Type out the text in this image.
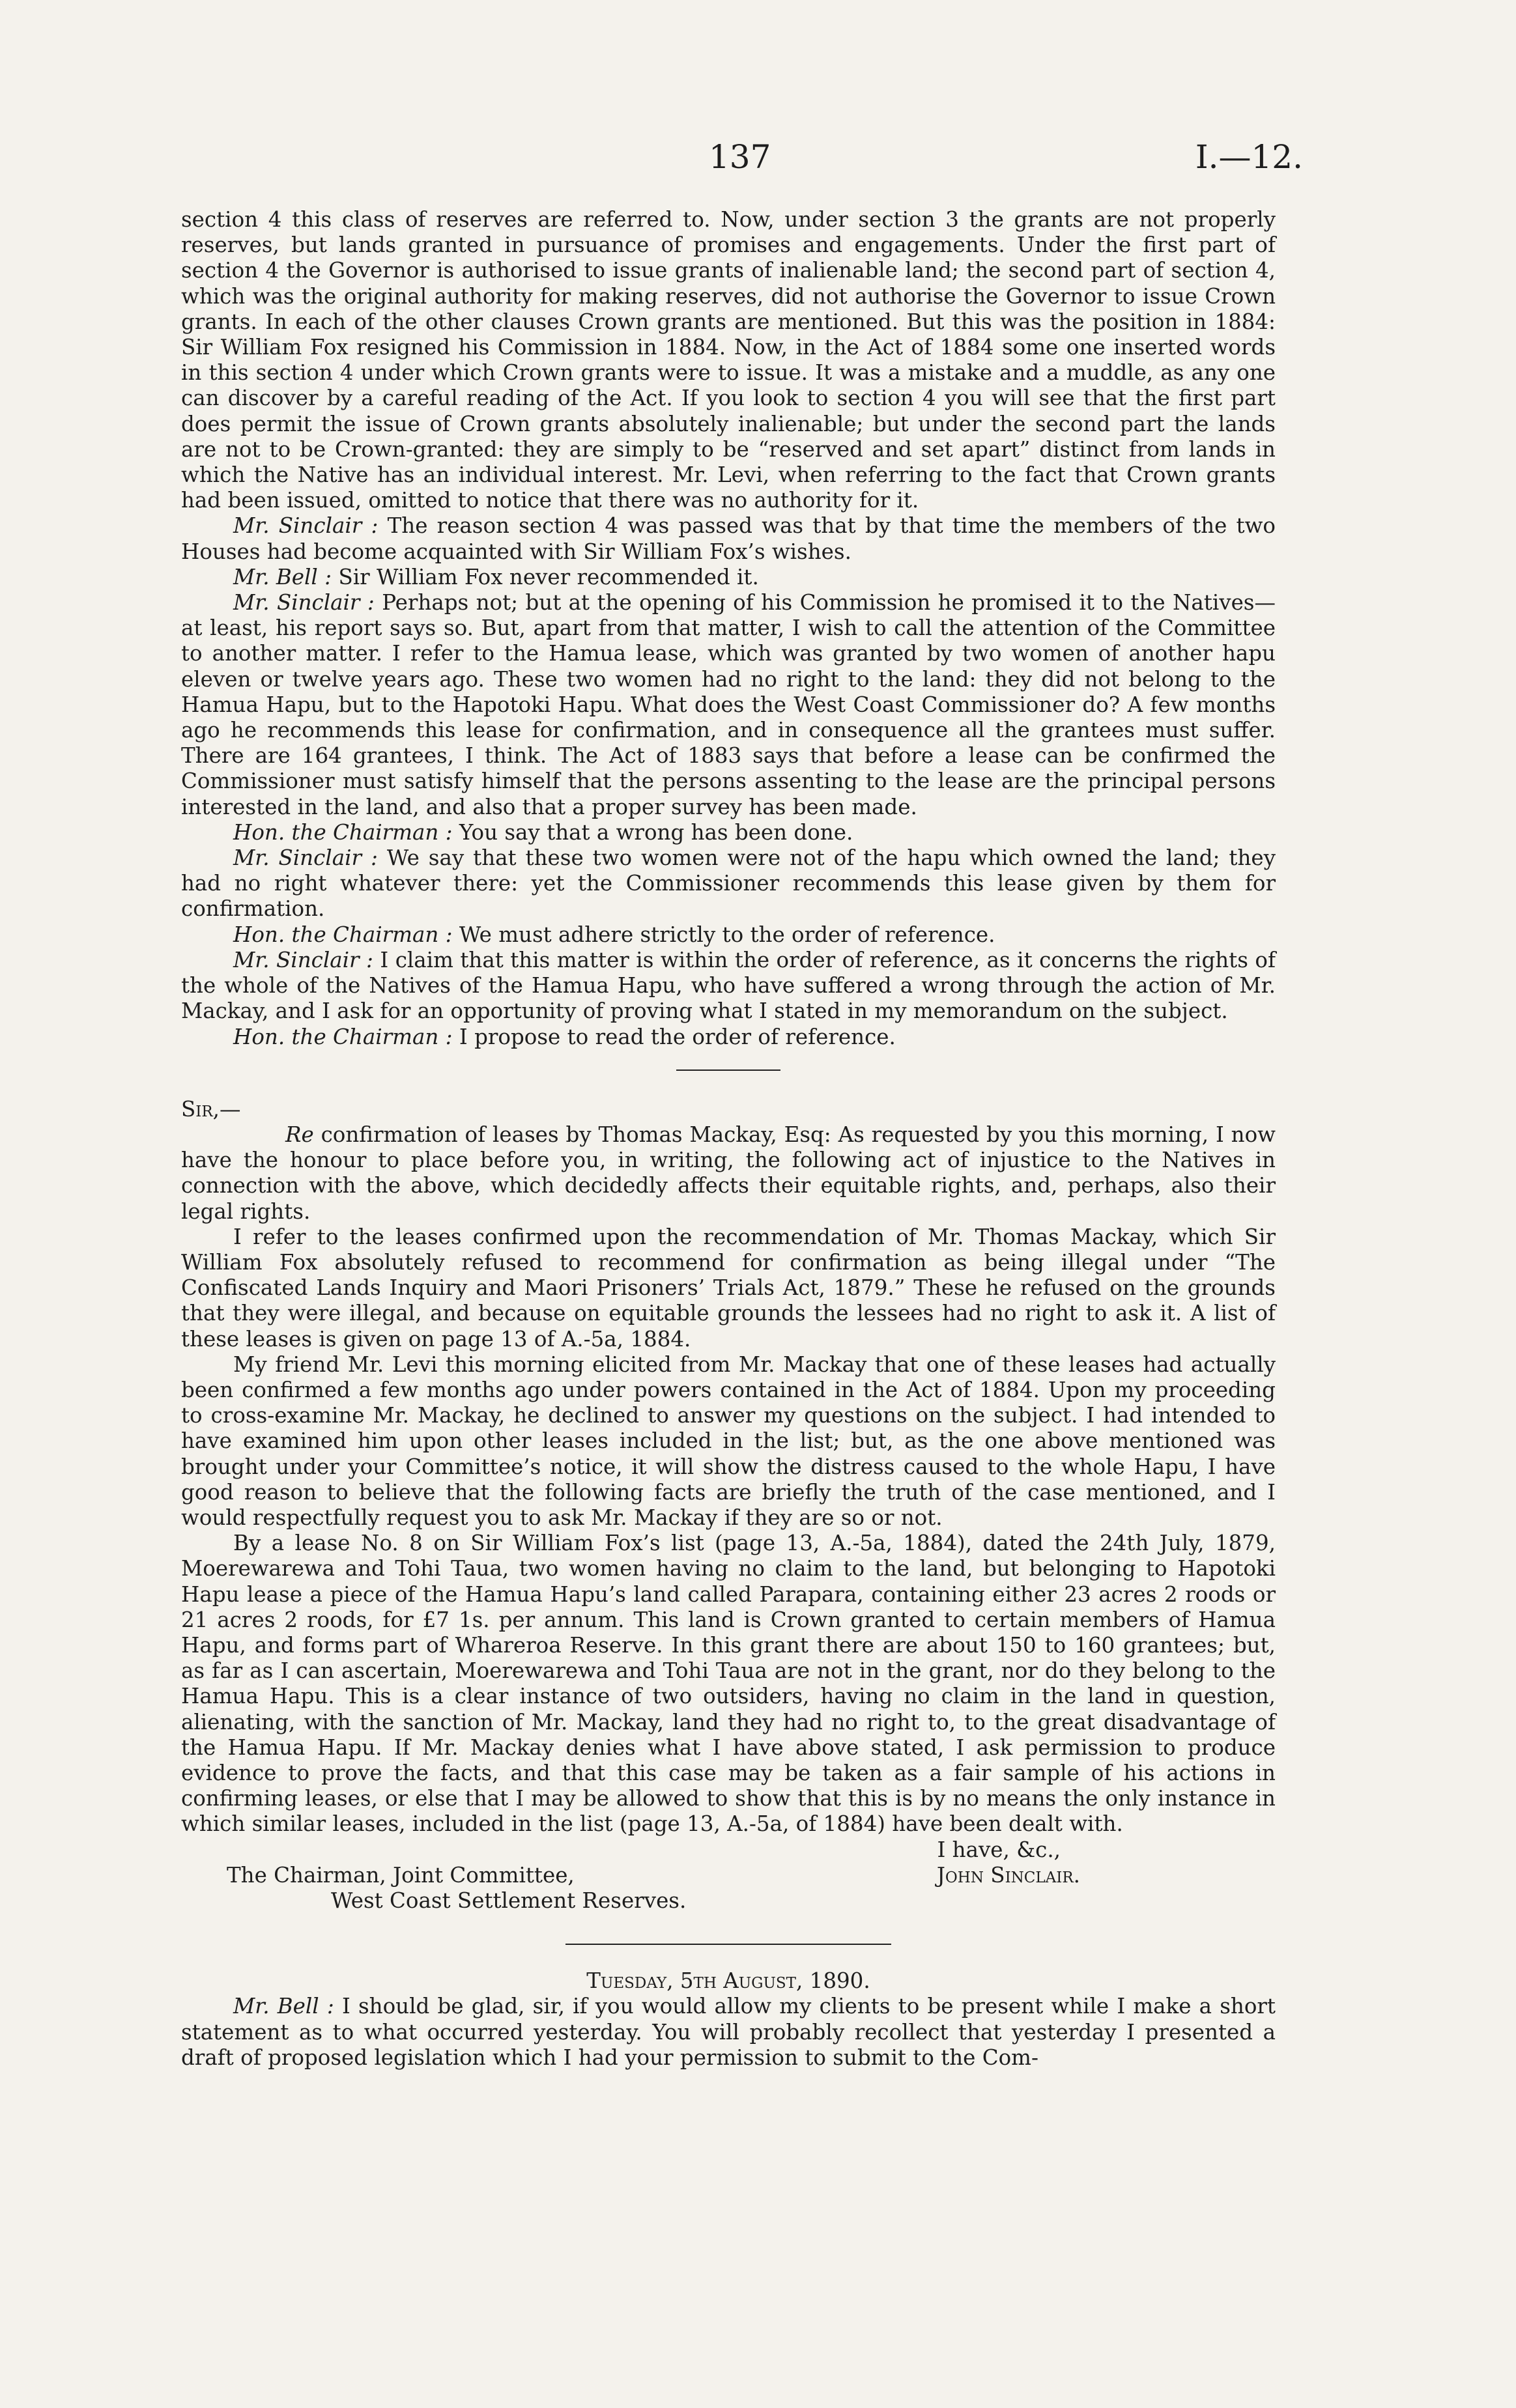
137	I.—12.

section 4 this class of reserves are referred to. Now, under section 3 the grants are not properly reserves, but lands granted in pursuance of promises and engagements. Under the first part of section 4 the Governor is authorised to issue grants of inalienable land; the second part of section 4, which was the original authority for making reserves, did not authorise the Governor to issue Crown grants. In each of the other clauses Crown grants are mentioned. But this was the position in 1884: Sir William Fox resigned his Commission in 1884. Now, in the Act of 1884 some one inserted words in this section 4 under which Crown grants were to issue. It was a mistake and a muddle, as any one can discover by a careful reading of the Act. If you look to section 4 you will see that the first part does permit the issue of Crown grants absolutely inalienable; but under the second part the lands are not to be Crown-granted: they are simply to be “reserved and set apart” distinct from lands in which the Native has an individual interest. Mr. Levi, when referring to the fact that Crown grants had been issued, omitted to notice that there was no authority for it.

Mr. Sinclair : The reason section 4 was passed was that by that time the members of the two Houses had become acquainted with Sir William Fox’s wishes.

Mr. Bell : Sir William Fox never recommended it.

Mr. Sinclair : Perhaps not; but at the opening of his Commission he promised it to the Natives—at least, his report says so. But, apart from that matter, I wish to call the attention of the Committee to another matter. I refer to the Hamua lease, which was granted by two women of another hapu eleven or twelve years ago. These two women had no right to the land: they did not belong to the Hamua Hapu, but to the Hapotoki Hapu. What does the West Coast Commissioner do? A few months ago he recommends this lease for confirmation, and in consequence all the grantees must suffer. There are 164 grantees, I think. The Act of 1883 says that before a lease can be confirmed the Commissioner must satisfy himself that the persons assenting to the lease are the principal persons interested in the land, and also that a proper survey has been made.

Hon. the Chairman : You say that a wrong has been done.

Mr. Sinclair : We say that these two women were not of the hapu which owned the land; they had no right whatever there: yet the Commissioner recommends this lease given by them for confirmation.

Hon. the Chairman : We must adhere strictly to the order of reference.

Mr. Sinclair : I claim that this matter is within the order of reference, as it concerns the rights of the whole of the Natives of the Hamua Hapu, who have suffered a wrong through the action of Mr. Mackay, and I ask for an opportunity of proving what I stated in my memorandum on the subject.

Hon. the Chairman : I propose to read the order of reference.

Sir,—

Re confirmation of leases by Thomas Mackay, Esq: As requested by you this morning, I now have the honour to place before you, in writing, the following act of injustice to the Natives in connection with the above, which decidedly affects their equitable rights, and, perhaps, also their legal rights.

I refer to the leases confirmed upon the recommendation of Mr. Thomas Mackay, which Sir William Fox absolutely refused to recommend for confirmation as being illegal under “The Confiscated Lands Inquiry and Maori Prisoners’ Trials Act, 1879.” These he refused on the grounds that they were illegal, and because on equitable grounds the lessees had no right to ask it. A list of these leases is given on page 13 of A.-5a, 1884.

My friend Mr. Levi this morning elicited from Mr. Mackay that one of these leases had actually been confirmed a few months ago under powers contained in the Act of 1884. Upon my proceeding to cross-examine Mr. Mackay, he declined to answer my questions on the subject. I had intended to have examined him upon other leases included in the list; but, as the one above mentioned was brought under your Committee’s notice, it will show the distress caused to the whole Hapu, I have good reason to believe that the following facts are briefly the truth of the case mentioned, and I would respectfully request you to ask Mr. Mackay if they are so or not.

By a lease No. 8 on Sir William Fox’s list (page 13, A.-5a, 1884), dated the 24th July, 1879, Moerewarewa and Tohi Taua, two women having no claim to the land, but belonging to Hapotoki Hapu lease a piece of the Hamua Hapu’s land called Parapara, containing either 23 acres 2 roods or 21 acres 2 roods, for £7 1s. per annum. This land is Crown granted to certain members of Hamua Hapu, and forms part of Whareroa Reserve. In this grant there are about 150 to 160 grantees; but, as far as I can ascertain, Moerewarewa and Tohi Taua are not in the grant, nor do they belong to the Hamua Hapu. This is a clear instance of two outsiders, having no claim in the land in question, alienating, with the sanction of Mr. Mackay, land they had no right to, to the great disadvantage of the Hamua Hapu. If Mr. Mackay denies what I have above stated, I ask permission to produce evidence to prove the facts, and that this case may be taken as a fair sample of his actions in confirming leases, or else that I may be allowed to show that this is by no means the only instance in which similar leases, included in the list (page 13, A.-5a, of 1884) have been dealt with.

I have, &c.,

The Chairman, Joint Committee,	John Sinclair.

West Coast Settlement Reserves.

Tuesday, 5th August, 1890.

Mr. Bell : I should be glad, sir, if you would allow my clients to be present while I make a short statement as to what occurred yesterday. You will probably recollect that yesterday I presented a draft of proposed legislation which I had your permission to submit to the Com-
